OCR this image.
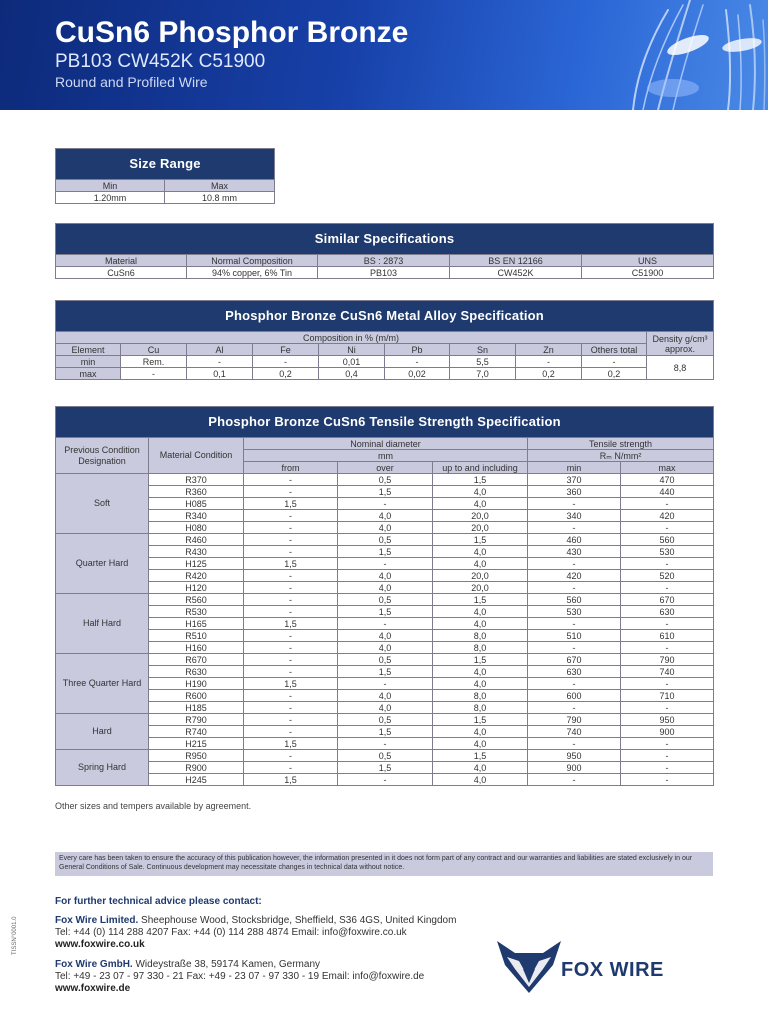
CuSn6 Phosphor Bronze
PB103 CW452K C51900
Round and Profiled Wire
Size Range	
Min	Max
1.20mm	10.8 mm
Similar Specifications				
Material	Normal Composition	BS : 2873	BS EN 12166	UNS
CuSn6	94% copper, 6% Tin	PB103	CW452K	C51900
Phosphor Bronze CuSn6 Metal Alloy Specification									
Composition in % (m/m)									Density g/cm³ approx.
Element	Cu	Al	Fe	Ni	Pb	Sn	Zn	Others total	
min	Rem.	-	-	0,01	-	5,5	-	-	8,8
max	-	0,1	0,2	0,4	0,02	7,0	0,2	0,2	
Phosphor Bronze CuSn6 Tensile Strength Specification						
Previous Condition Designation	Material Condition	Nominal diameter			Tensile strength	
		mm			Rₘ N/mm²	
		from	over	up to and including	min	max
Soft	R370	-	0,5	1,5	370	470
	R360	-	1,5	4,0	360	440
	H085	1,5	-	4,0	-	-
	R340	-	4,0	20,0	340	420
	H080	-	4,0	20,0	-	-
Quarter Hard	R460	-	0,5	1,5	460	560
	R430	-	1,5	4,0	430	530
	H125	1,5	-	4,0	-	-
	R420	-	4,0	20,0	420	520
	H120	-	4,0	20,0	-	-
Half Hard	R560	-	0,5	1,5	560	670
	R530	-	1,5	4,0	530	630
	H165	1,5	-	4,0	-	-
	R510	-	4,0	8,0	510	610
	H160	-	4,0	8,0	-	-
Three Quarter Hard	R670	-	0,5	1,5	670	790
	R630	-	1,5	4,0	630	740
	H190	1,5	-	4,0	-	-
	R600	-	4,0	8,0	600	710
	H185	-	4,0	8,0	-	-
Hard	R790	-	0,5	1,5	790	950
	R740	-	1,5	4,0	740	900
	H215	1,5	-	4,0	-	-
Spring Hard	R950	-	0,5	1,5	950	-
	R900	-	1,5	4,0	900	-
	H245	1,5	-	4,0	-	-
Other sizes and tempers available by agreement.
Every care has been taken to ensure the accuracy of this publication however, the information presented in it does not form part of any contract and our warranties and liabilities are stated exclusively in our General Conditions of Sale. Continuous development may necessitate changes in technical data without notice.
For further technical advice please contact:
Fox Wire Limited. Sheephouse Wood, Stocksbridge, Sheffield, S36 4GS, United Kingdom
Tel: +44 (0) 114 288 4207 Fax: +44 (0) 114 288 4874 Email: info@foxwire.co.uk
www.foxwire.co.uk
Fox Wire GmbH. Wideystraße 38, 59174 Kamen, Germany
Tel: +49 - 23 07 - 97 330 - 21 Fax: +49 - 23 07 - 97 330 - 19 Email: info@foxwire.de
www.foxwire.de
TISSN°0001.0
FOX WIRE
